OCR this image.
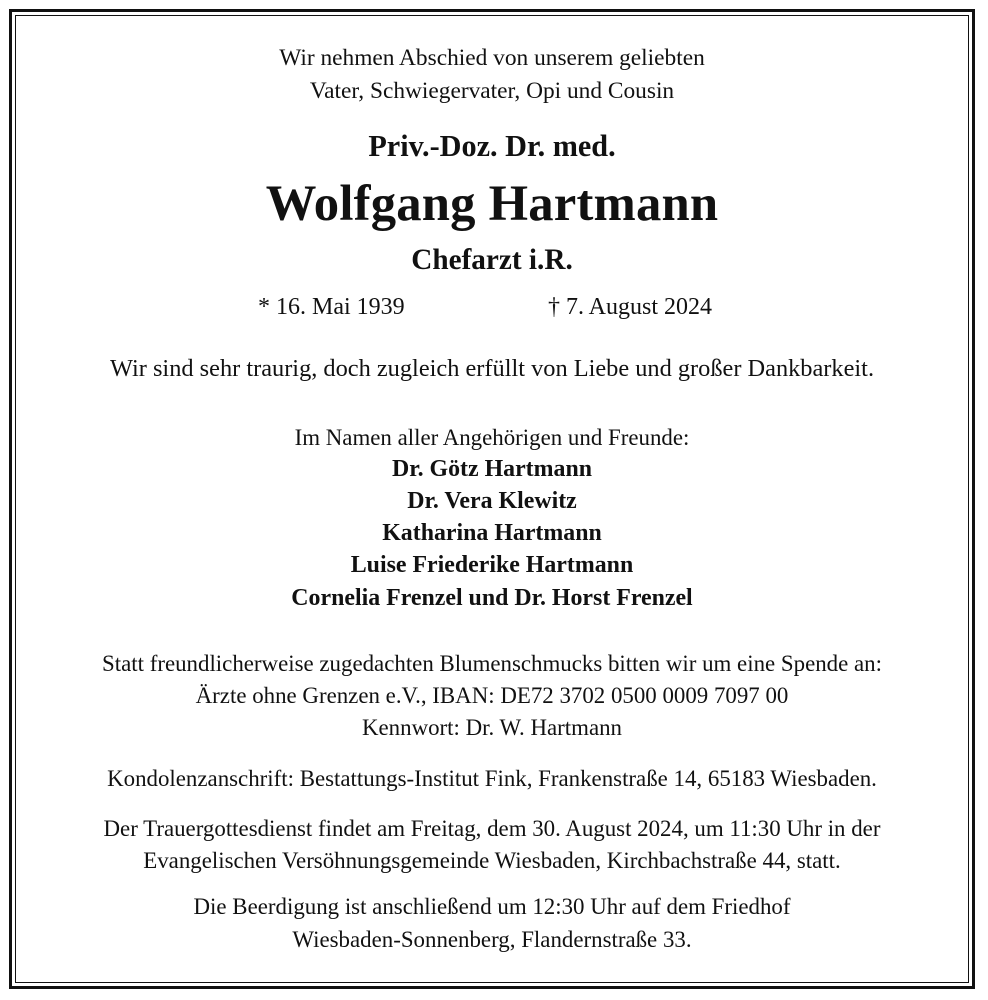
Wir nehmen Abschied von unserem geliebten
Vater, Schwiegervater, Opi und Cousin
Priv.-Doz. Dr. med.
Wolfgang Hartmann
Chefarzt i.R.
* 16. Mai 1939	† 7. August 2024
Wir sind sehr traurig, doch zugleich erfüllt von Liebe und großer Dankbarkeit.
Im Namen aller Angehörigen und Freunde:
Dr. Götz Hartmann
Dr. Vera Klewitz
Katharina Hartmann
Luise Friederike Hartmann
Cornelia Frenzel und Dr. Horst Frenzel
Statt freundlicherweise zugedachten Blumenschmucks bitten wir um eine Spende an:
Ärzte ohne Grenzen e.V., IBAN: DE72 3702 0500 0009 7097 00
Kennwort: Dr. W. Hartmann
Kondolenzanschrift: Bestattungs-Institut Fink, Frankenstraße 14, 65183 Wiesbaden.
Der Trauergottesdienst findet am Freitag, dem 30. August 2024, um 11:30 Uhr in der
Evangelischen Versöhnungsgemeinde Wiesbaden, Kirchbachstraße 44, statt.
Die Beerdigung ist anschließend um 12:30 Uhr auf dem Friedhof
Wiesbaden-Sonnenberg, Flandernstraße 33.
